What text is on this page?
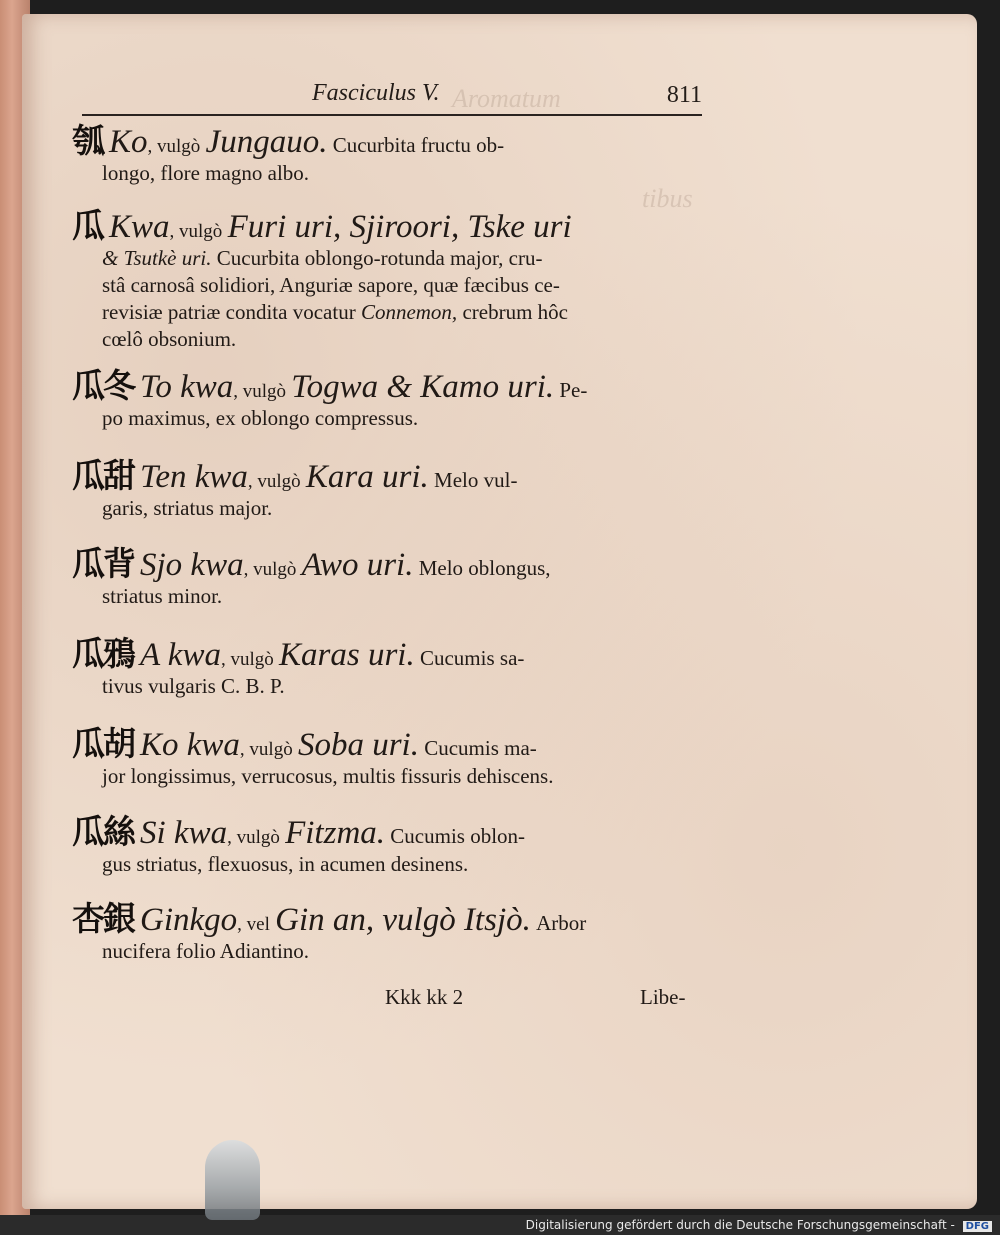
Aromatum
tibus
Fasciculus V.	811
瓠 Ko , vulgò
Jungauo.
Cucurbita fructu ob-
longo, flore magno albo.
瓜 Kwa , vulgò
Furi uri, Sjiroori, Tske uri
& Tsutkè uri. Cucurbita oblongo-rotunda major, cru-
stâ carnosâ solidiori, Anguriæ sapore, quæ fæcibus ce-
revisiæ patriæ condita vocatur Connemon, crebrum hôc
cœlô obsonium.
瓜冬 To kwa , vulgò
Togwa & Kamo uri.
Pe-
po maximus, ex oblongo compressus.
瓜甜 Ten kwa , vulgò
Kara uri.
Melo vul-
garis, striatus major.
瓜背 Sjo kwa , vulgò
Awo uri.
Melo oblongus,
striatus minor.
瓜鴉 A kwa , vulgò
Karas uri.
Cucumis sa-
tivus vulgaris C. B. P.
瓜胡 Ko kwa , vulgò
Soba uri.
Cucumis ma-
jor longissimus, verrucosus, multis fissuris dehiscens.
瓜絲 Si kwa , vulgò
Fitzma.
Cucumis oblon-
gus striatus, flexuosus, in acumen desinens.
杏銀 Ginkgo , vel
Gin an, vulgò Itsjò.
Arbor
nucifera folio Adiantino.
Kkk kk 2	Libe-
Digitalisierung gefördert durch die Deutsche Forschungsgemeinschaft - DFG
